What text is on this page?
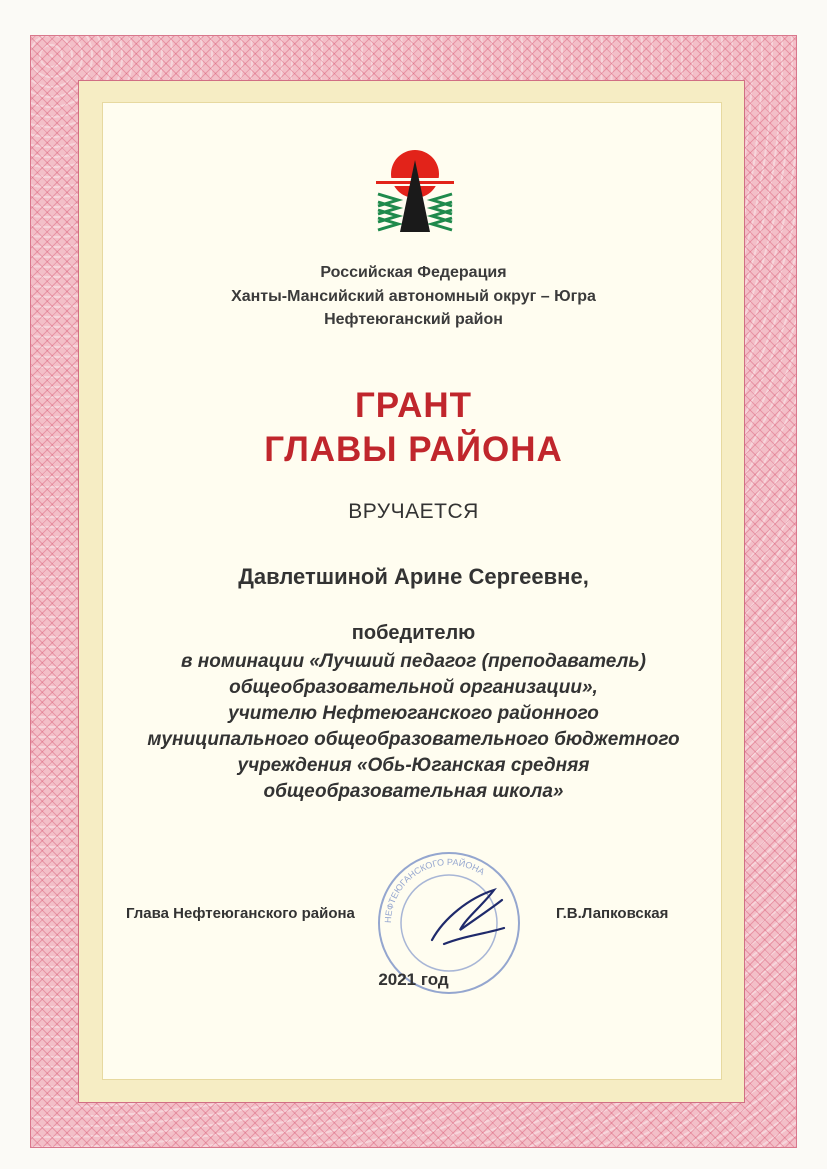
Российская Федерация
Ханты-Мансийский автономный округ – Югра
Нефтеюганский район
ГРАНТ
ГЛАВЫ РАЙОНА
ВРУЧАЕТСЯ
Давлетшиной Арине Сергеевне,
победителю
в номинации «Лучший педагог (преподаватель)
общеобразовательной организации»,
учителю Нефтеюганского районного
муниципального общеобразовательного бюджетного
учреждения «Обь-Юганская средняя
общеобразовательная школа»
НЕФТЕЮГАНСКОГО РАЙОНА
Глава Нефтеюганского района	Г.В.Лапковская
2021 год
